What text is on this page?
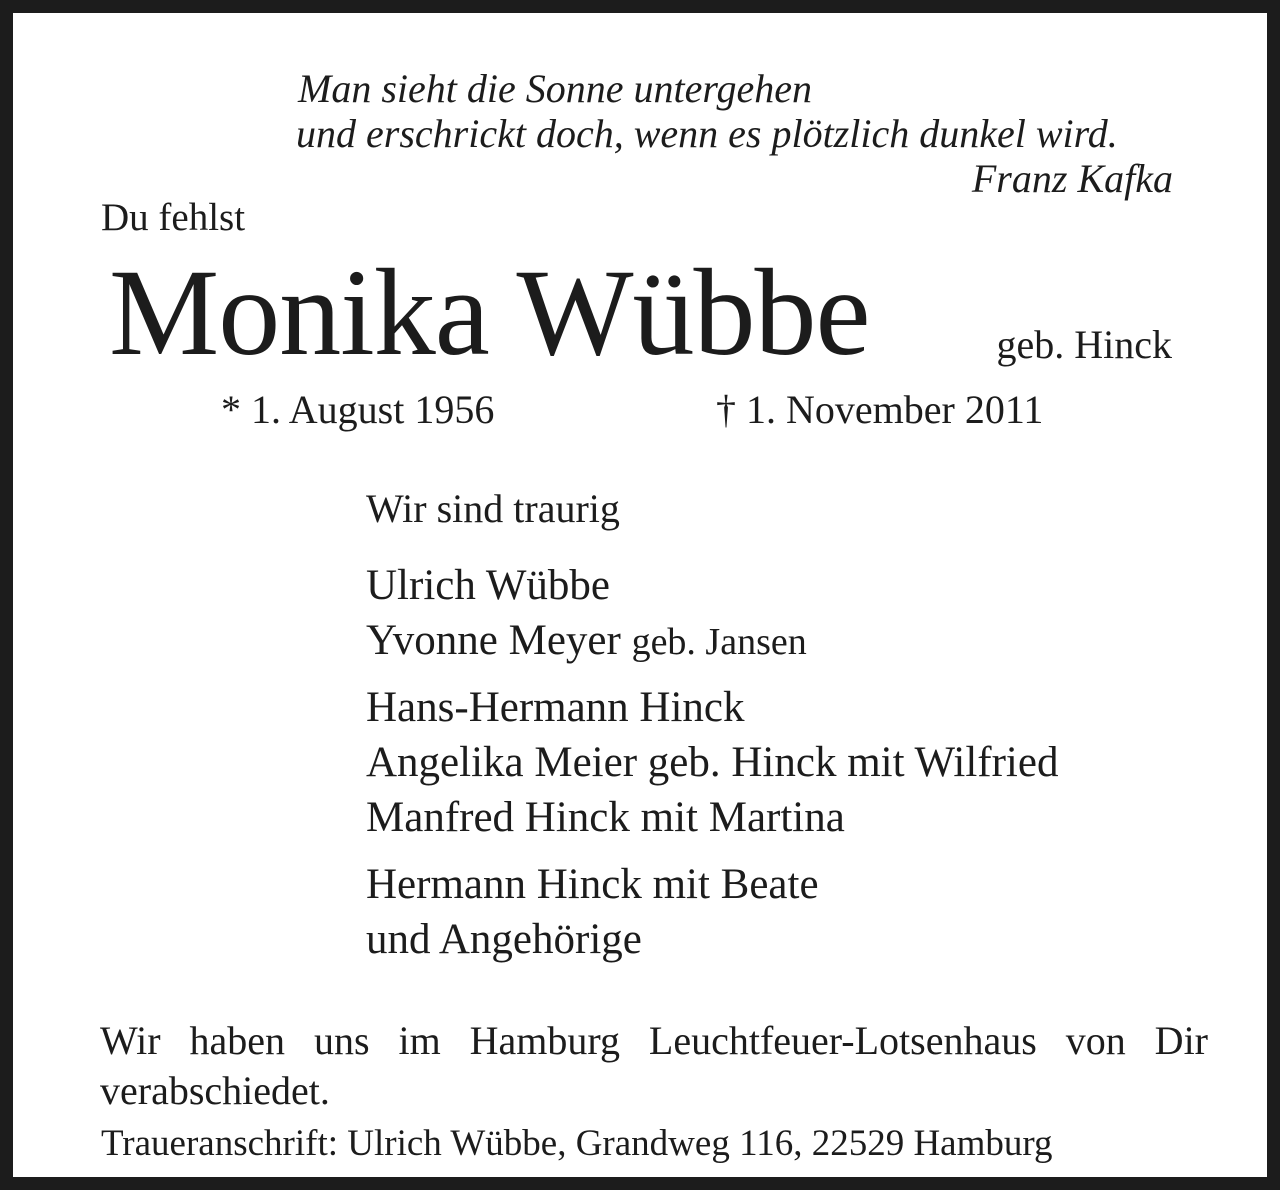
Man sieht die Sonne untergehen
und erschrickt doch, wenn es plötzlich dunkel wird.
Franz Kafka
Du fehlst
Monika Wübbe	geb. Hinck
* 1. August 1956	† 1. November 2011
Wir sind traurig
Ulrich Wübbe
Yvonne Meyer geb. Jansen
Hans-Hermann Hinck
Angelika Meier geb. Hinck mit Wilfried
Manfred Hinck mit Martina
Hermann Hinck mit Beate
und Angehörige
Wir haben uns im Hamburg Leuchtfeuer-Lotsenhaus von Dir verabschiedet.
Traueranschrift: Ulrich Wübbe, Grandweg 116, 22529 Hamburg
